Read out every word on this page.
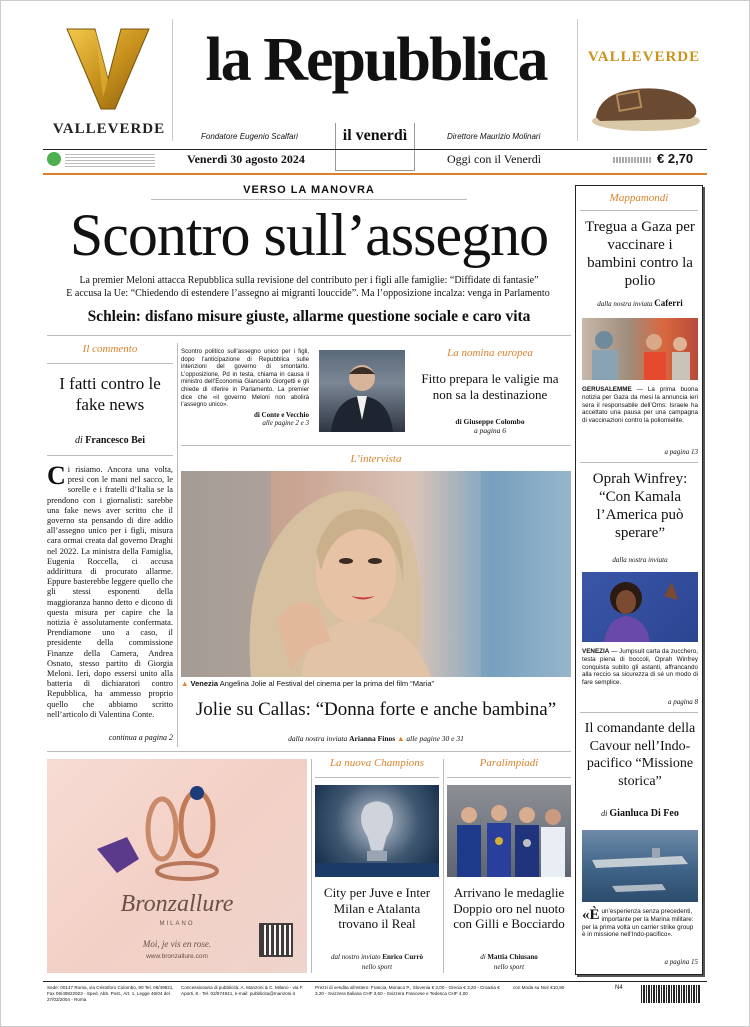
VALLEVERDE
la Repubblica
Fondatore Eugenio Scalfari	il venerdì	Direttore Maurizio Molinari
VALLEVERDE
Venerdì 30 agosto 2024	Oggi con il Venerdì	€ 2,70
VERSO LA MANOVRA
Scontro sull’assegno
La premier Meloni attacca Repubblica sulla revisione del contributo per i figli alle famiglie: “Diffidate di fantasie”
E accusa la Ue: “Chiedendo di estendere l’assegno ai migranti louccide”. Ma l’opposizione incalza: venga in Parlamento
Schlein: disfano misure giuste, allarme questione sociale e caro vita
Il commento
I fatti contro le fake news
di Francesco Bei
C i risiamo. Ancora una volta, presi con le mani nel sacco, le sorelle e i fratelli d’Italia se la prendono con i giornalisti: sarebbe una fake news aver scritto che il governo sta pensando di dire addio all’assegno unico per i figli, misura cara ormai creata dal governo Draghi nel 2022. La ministra della Famiglia, Eugenia Roccella, ci accusa addirittura di procurato allarme. Eppure basterebbe leggere quello che gli stessi esponenti della maggioranza hanno detto e dicono di questa misura per capire che la notizia è assolutamente confermata. Prendiamone uno a caso, il presidente della commissione Finanze della Camera, Andrea Osnato, stesso partito di Giorgia Meloni. Ieri, dopo essersi unito alla batteria di dichiaratori contro Repubblica, ha ammesso proprio quello che abbiamo scritto nell’articolo di Valentina Conte.
continua a pagina 2
Scontro politico sull’assegno unico per i figli, dopo l’anticipazione di Repubblica sulle intenzioni del governo di smontarlo. L’opposizione, Pd in testa, chiama in causa il ministro dell’Economia Giancarlo Giorgetti e gli chiede di riferire in Parlamento. La premier dice che «il governo Meloni non abolirà l’assegno unico».
di Conte e Vecchio
alle pagine 2 e 3
La nomina europea
Fitto prepara le valigie ma non sa la destinazione
di Giuseppe Colombo
a pagina 6
L’intervista
▲ Venezia Angelina Jolie al Festival del cinema per la prima del film “Maria”
Jolie su Callas: “Donna forte e anche bambina”
dalla nostra inviata Arianna Finos ▲ alle pagine 30 e 31
Bronzallure
MILANO
Moi, je vis en rose.
www.bronzallure.com
La nuova Champions
City per Juve e Inter Milan e Atalanta trovano il Real
dal nostro inviato Enrico Currò
nello sport
Paralimpiadi
Arrivano le medaglie Doppio oro nel nuoto con Gilli e Bocciardo
di Mattia Chiusano
nello sport
Mappamondi
Tregua a Gaza per vaccinare i bambini contro la polio
dalla nostra inviata Caferri
GERUSALEMME — La prima buona notizia per Gaza da mesi la annuncia ieri sera il responsabile dell’Oms: Israele ha accettato una pausa per una campagna di vaccinazioni contro la poliomielite.
a pagina 13
Oprah Winfrey: “Con Kamala l’America può sperare”
dalla nostra inviata
VENEZIA — Jumpsuit carta da zucchero, testa piena di boccoli, Oprah Winfrey conquista subito gli astanti, affrancando alla reccio sa sicurezza di sé un modo di fare semplice.
a pagina 8
Il comandante della Cavour nell’Indo-pacifico “Missione storica”
di Gianluca Di Feo
«È un’esperienza senza precedenti, importante per la Marina militare: per la prima volta un carrier strike group è in missione nell’Indo-pacifico».
a pagina 15
Sede: 00147 Roma, via Cristoforo Colombo, 90 Tel. 06/49821, Fax 06/49822923 - Sped. Abb. Post., Art. 1, Legge 46/04 del 27/02/2004 - Roma
Concessionaria di pubblicità: A. Manzoni & C. Milano - via F. Aporti, 8 - Tel. 02/574941, e-mail: pubblicita@manzoni.it
Prezzi di vendita all’estero: Francia, Monaco P., Slovenia € 3,00 - Grecia € 3,20 - Croazia € 3,20 - Svizzera Italiana CHF 3,50 - Svizzera Francese e Tedesca CHF 4,00
con Moda su Noir €10,90	N4
